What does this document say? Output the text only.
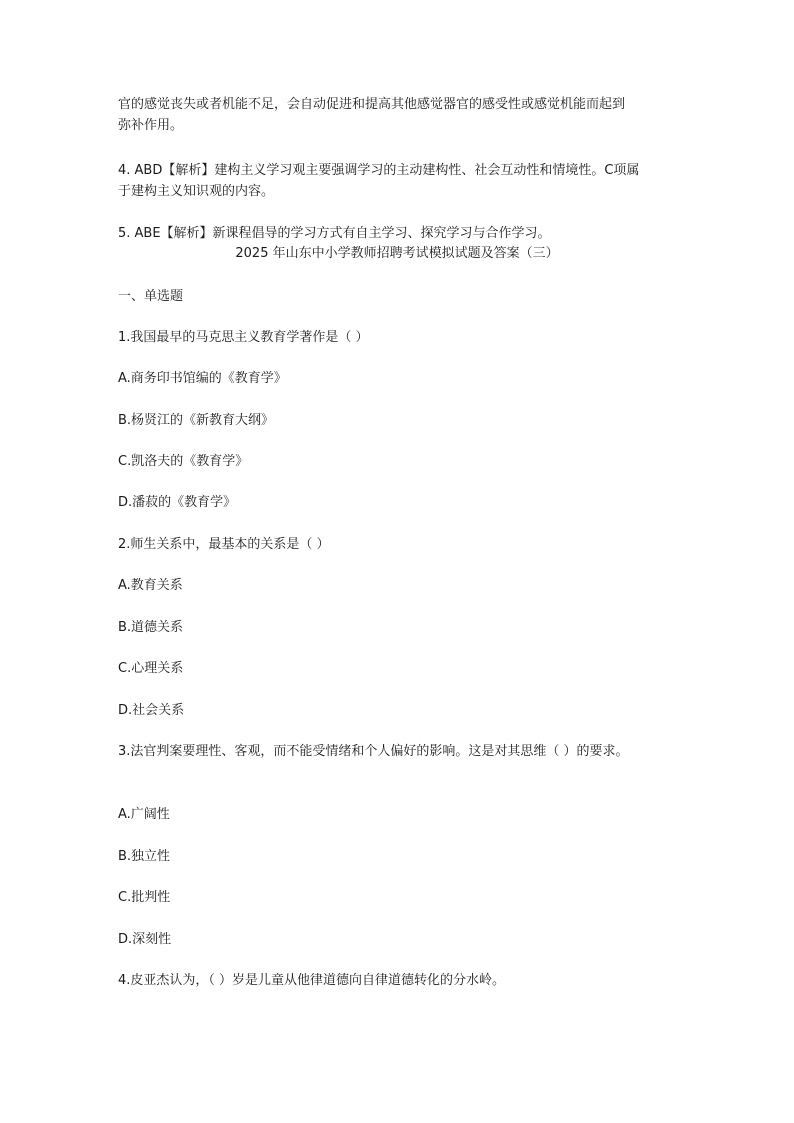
官的感觉丧失或者机能不足，会自动促进和提高其他感觉器官的感受性或感觉机能而起到
弥补作用。
4. ABD【解析】建构主义学习观主要强调学习的主动建构性、社会互动性和情境性。C项属
于建构主义知识观的内容。
5. ABE【解析】新课程倡导的学习方式有自主学习、探究学习与合作学习。
2025 年山东中小学教师招聘考试模拟试题及答案（三）
一、单选题
1.我国最早的马克思主义教育学著作是（ ）
A.商务印书馆编的《教育学》
B.杨贤江的《新教育大纲》
C.凯洛夫的《教育学》
D.潘菽的《教育学》
2.师生关系中，最基本的关系是（ ）
A.教育关系
B.道德关系
C.心理关系
D.社会关系
3.法官判案要理性、客观，而不能受情绪和个人偏好的影响。这是对其思维（ ）的要求。
A.广阔性
B.独立性
C.批判性
D.深刻性
4.皮亚杰认为，（ ）岁是儿童从他律道德向自律道德转化的分水岭。
